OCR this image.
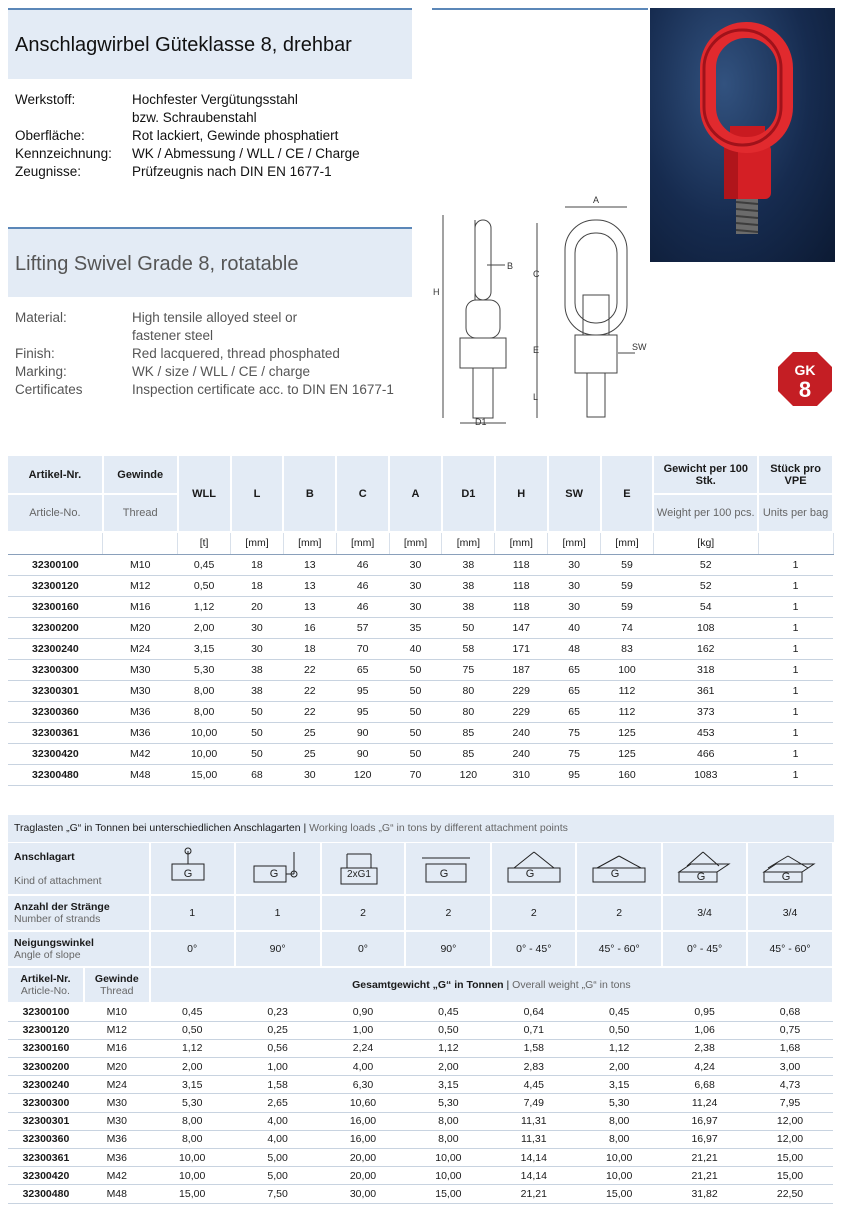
Anschlagwirbel Güteklasse 8, drehbar
Werkstoff:	Hochfester Vergütungsstahl
bzw. Schraubenstahl
Oberfläche:	Rot lackiert, Gewinde phosphatiert
Kennzeichnung:	WK / Abmessung / WLL / CE / Charge
Zeugnisse:	Prüfzeugnis nach DIN EN 1677-1
Lifting Swivel Grade 8, rotatable
Material:	High tensile alloyed steel or
fastener steel
Finish:	Red lacquered, thread phosphated
Marking:	WK / size / WLL / CE / charge
Certificates	Inspection certificate acc. to DIN EN 1677-1
H
C
E
L
A
B
SW
D1
GK
8
Artikel-Nr.	Gewinde	WLL	L	B	C	A	D1	H	SW	E	Gewicht per 100 Stk.	Stück pro VPE
Article-No.	Thread										Weight per 100 pcs.	Units per bag
		[t]	[mm]	[mm]	[mm]	[mm]	[mm]	[mm]	[mm]	[mm]	[kg]	
32300100	M10	0,45	18	13	46	30	38	118	30	59	52	1
32300120	M12	0,50	18	13	46	30	38	118	30	59	52	1
32300160	M16	1,12	20	13	46	30	38	118	30	59	54	1
32300200	M20	2,00	30	16	57	35	50	147	40	74	108	1
32300240	M24	3,15	30	18	70	40	58	171	48	83	162	1
32300300	M30	5,30	38	22	65	50	75	187	65	100	318	1
32300301	M30	8,00	38	22	95	50	80	229	65	112	361	1
32300360	M36	8,00	50	22	95	50	80	229	65	112	373	1
32300361	M36	10,00	50	25	90	50	85	240	75	125	453	1
32300420	M42	10,00	50	25	90	50	85	240	75	125	466	1
32300480	M48	15,00	68	30	120	70	120	310	95	160	1083	1
Traglasten „G“ in Tonnen bei unterschiedlichen Anschlagarten | Working loads „G“ in tons by different attachment points
Anschlagart

Kind of attachment		G	G	2xG1	G	G	G	G	G

Anzahl der Stränge
Number of strands		1	1	2	2	2	2	3/4	3/4
Neigungswinkel
Angle of slope		0°	90°	0°	90°	0° - 45°	45° - 60°	0° - 45°	45° - 60°
Artikel-Nr.
Article-No.	Gewinde
Thread	Gesamtgewicht „G“ in Tonnen | Overall weight „G“ in tons							
32300100	M10	0,45	0,23	0,90	0,45	0,64	0,45	0,95	0,68
32300120	M12	0,50	0,25	1,00	0,50	0,71	0,50	1,06	0,75
32300160	M16	1,12	0,56	2,24	1,12	1,58	1,12	2,38	1,68
32300200	M20	2,00	1,00	4,00	2,00	2,83	2,00	4,24	3,00
32300240	M24	3,15	1,58	6,30	3,15	4,45	3,15	6,68	4,73
32300300	M30	5,30	2,65	10,60	5,30	7,49	5,30	11,24	7,95
32300301	M30	8,00	4,00	16,00	8,00	11,31	8,00	16,97	12,00
32300360	M36	8,00	4,00	16,00	8,00	11,31	8,00	16,97	12,00
32300361	M36	10,00	5,00	20,00	10,00	14,14	10,00	21,21	15,00
32300420	M42	10,00	5,00	20,00	10,00	14,14	10,00	21,21	15,00
32300480	M48	15,00	7,50	30,00	15,00	21,21	15,00	31,82	22,50
